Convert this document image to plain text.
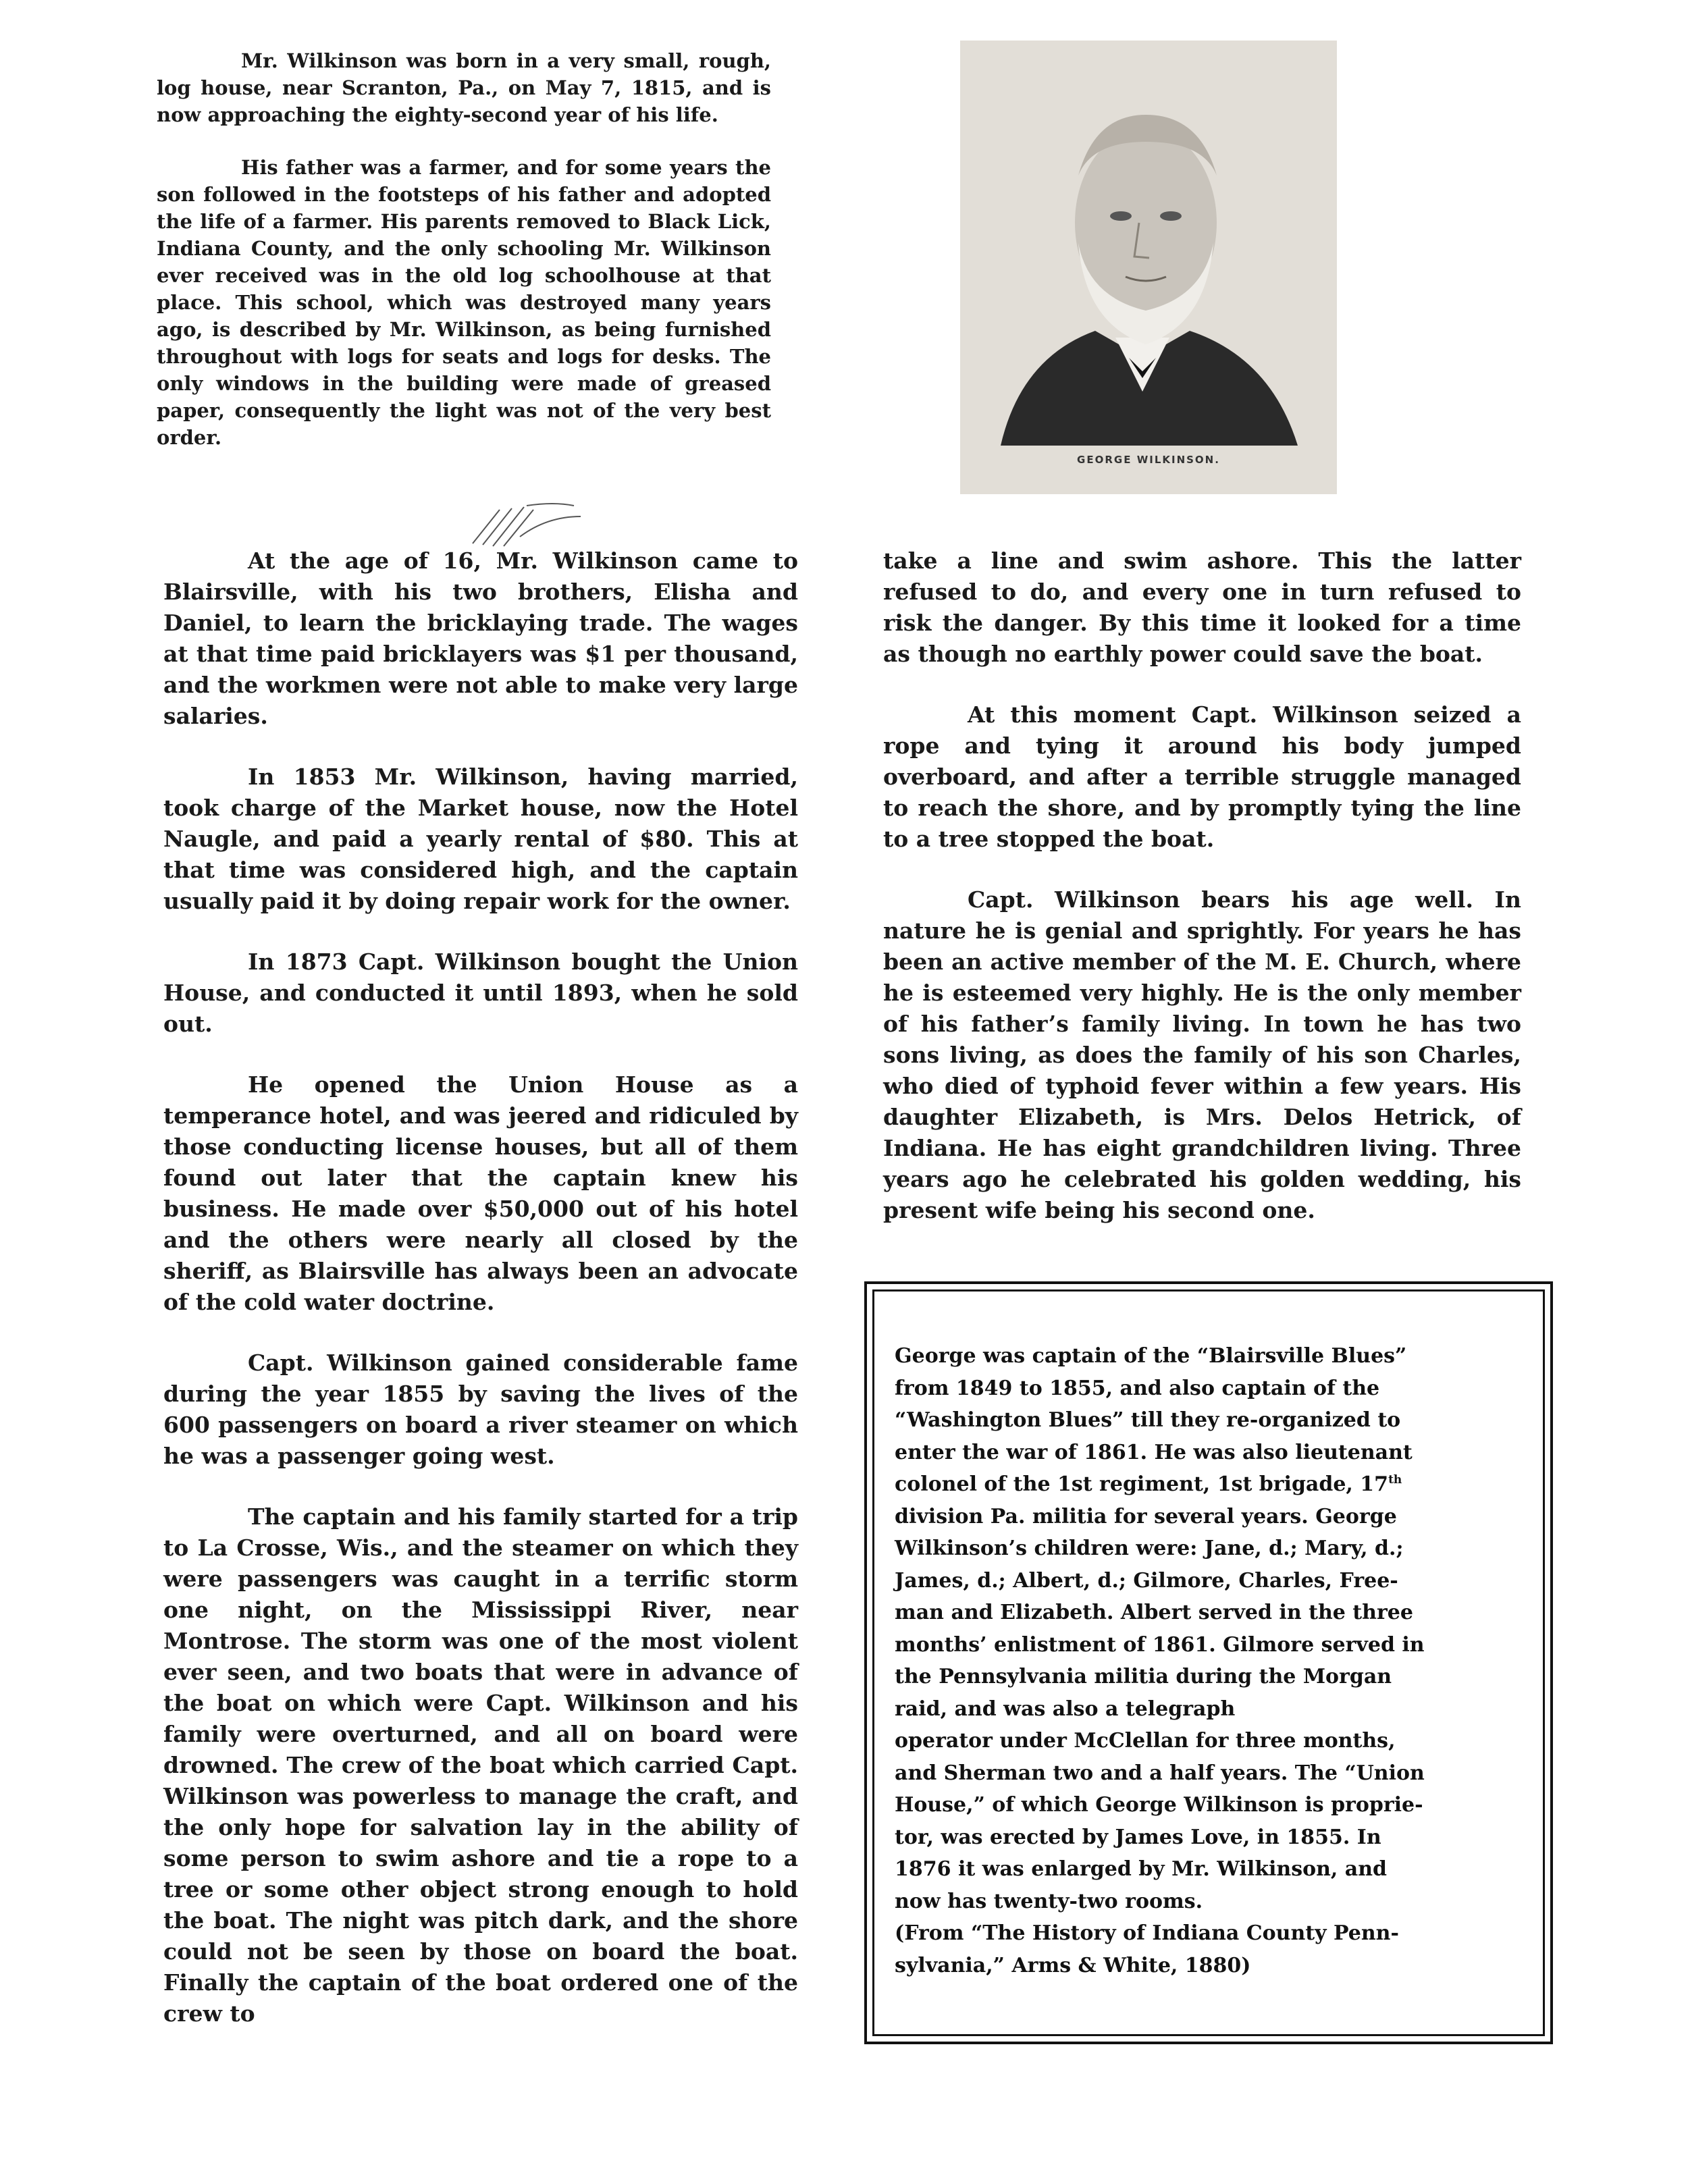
Mr. Wilkinson was born in a very small, rough, log house, near Scranton, Pa., on May 7, 1815, and is now approaching the eighty-second year of his life.

His father was a farmer, and for some years the son followed in the footsteps of his father and adopted the life of a farmer. His parents removed to Black Lick, Indiana County, and the only schooling Mr. Wilkinson ever received was in the old log schoolhouse at that place. This school, which was destroyed many years ago, is described by Mr. Wilkinson, as being furnished throughout with logs for seats and logs for desks. The only windows in the building were made of greased paper, consequently the light was not of the very best order.

GEORGE WILKINSON.

At the age of 16, Mr. Wilkinson came to Blairsville, with his two brothers, Elisha and Daniel, to learn the bricklaying trade. The wages at that time paid bricklayers was $1 per thousand, and the workmen were not able to make very large salaries.

In 1853 Mr. Wilkinson, having married, took charge of the Market house, now the Hotel Naugle, and paid a yearly rental of $80. This at that time was considered high, and the captain usually paid it by doing repair work for the owner.

In 1873 Capt. Wilkinson bought the Union House, and conducted it until 1893, when he sold out.

He opened the Union House as a temperance hotel, and was jeered and ridiculed by those conducting license houses, but all of them found out later that the captain knew his business. He made over $50,000 out of his hotel and the others were nearly all closed by the sheriff, as Blairsville has always been an advocate of the cold water doctrine.

Capt. Wilkinson gained considerable fame during the year 1855 by saving the lives of the 600 passengers on board a river steamer on which he was a passenger going west.

The captain and his family started for a trip to La Crosse, Wis., and the steamer on which they were passengers was caught in a terrific storm one night, on the Mississippi River, near Montrose. The storm was one of the most violent ever seen, and two boats that were in advance of the boat on which were Capt. Wilkinson and his family were overturned, and all on board were drowned. The crew of the boat which carried Capt. Wilkinson was powerless to manage the craft, and the only hope for salvation lay in the ability of some person to swim ashore and tie a rope to a tree or some other object strong enough to hold the boat. The night was pitch dark, and the shore could not be seen by those on board the boat. Finally the captain of the boat ordered one of the crew to

take a line and swim ashore. This the latter refused to do, and every one in turn refused to risk the danger. By this time it looked for a time as though no earthly power could save the boat.

At this moment Capt. Wilkinson seized a rope and tying it around his body jumped overboard, and after a terrible struggle managed to reach the shore, and by promptly tying the line to a tree stopped the boat.

Capt. Wilkinson bears his age well. In nature he is genial and sprightly. For years he has been an active member of the M. E. Church, where he is esteemed very highly. He is the only member of his father’s family living. In town he has two sons living, as does the family of his son Charles, who died of typhoid fever within a few years. His daughter Elizabeth, is Mrs. Delos Hetrick, of Indiana. He has eight grandchildren living. Three years ago he celebrated his golden wedding, his present wife being his second one.

George was captain of the “Blairsville Blues”

from 1849 to 1855, and also captain of the

“Washington Blues” till they re-organized to

enter the war of 1861. He was also lieutenant

colonel of the 1st regiment, 1st brigade, 17th

division Pa. militia for several years. George

Wilkinson’s children were: Jane, d.; Mary, d.;

James, d.; Albert, d.; Gilmore, Charles, Free-

man and Elizabeth. Albert served in the three

months’ enlistment of 1861. Gilmore served in

the Pennsylvania militia during the Morgan

raid, and was also a telegraph

operator under McClellan for three months,

and Sherman two and a half years. The “Union

House,” of which George Wilkinson is proprie-

tor, was erected by James Love, in 1855. In

1876 it was enlarged by Mr. Wilkinson, and

now has twenty-two rooms.

(From “The History of Indiana County Penn-

sylvania,” Arms & White, 1880)
